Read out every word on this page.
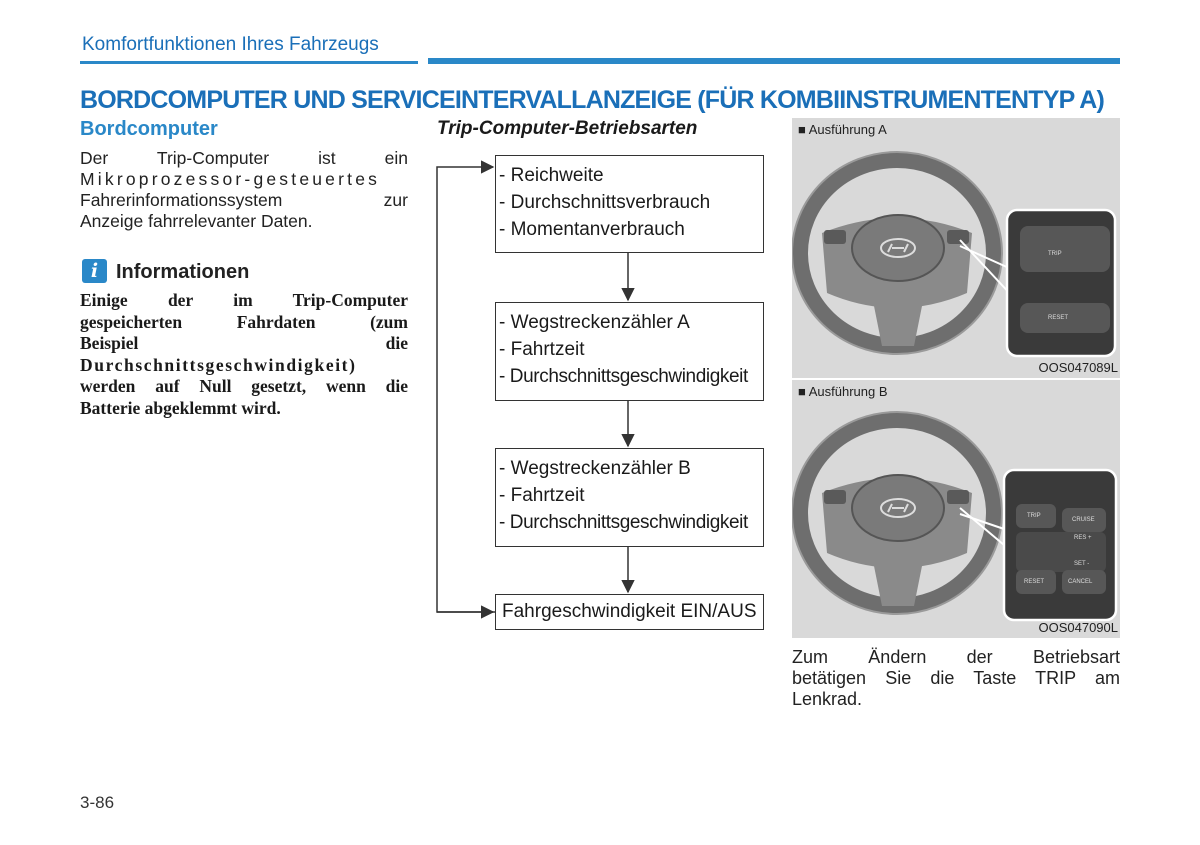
Komfortfunktionen Ihres Fahrzeugs
BORDCOMPUTER UND SERVICEINTERVALLANZEIGE (FÜR KOMBIINSTRUMENTENTYP A)
Bordcomputer
Der Trip-Computer ist ein
Mikroprozessor-gesteuertes
Fahrerinformationssystem zur
Anzeige fahrrelevanter Daten.
i Informationen
Einige der im Trip-Computer
gespeicherten Fahrdaten (zum
Beispiel die
Durchschnittsgeschwindigkeit)
werden auf Null gesetzt, wenn die
Batterie abgeklemmt wird.
Trip-Computer-Betriebsarten
- Reichweite
- Durchschnittsverbrauch
- Momentanverbrauch
- Wegstreckenzähler A
- Fahrtzeit
- Durchschnittsgeschwindigkeit
- Wegstreckenzähler B
- Fahrtzeit
- Durchschnittsgeschwindigkeit
Fahrgeschwindigkeit EIN/AUS
■ Ausführung A
OOS047089L
TRIP
RESET
■ Ausführung B
OOS047090L
TRIP
CRUISE
RES +
SET -
RESET	CANCEL
Zum Ändern der Betriebsart
betätigen Sie die Taste TRIP am
Lenkrad.
3-86
